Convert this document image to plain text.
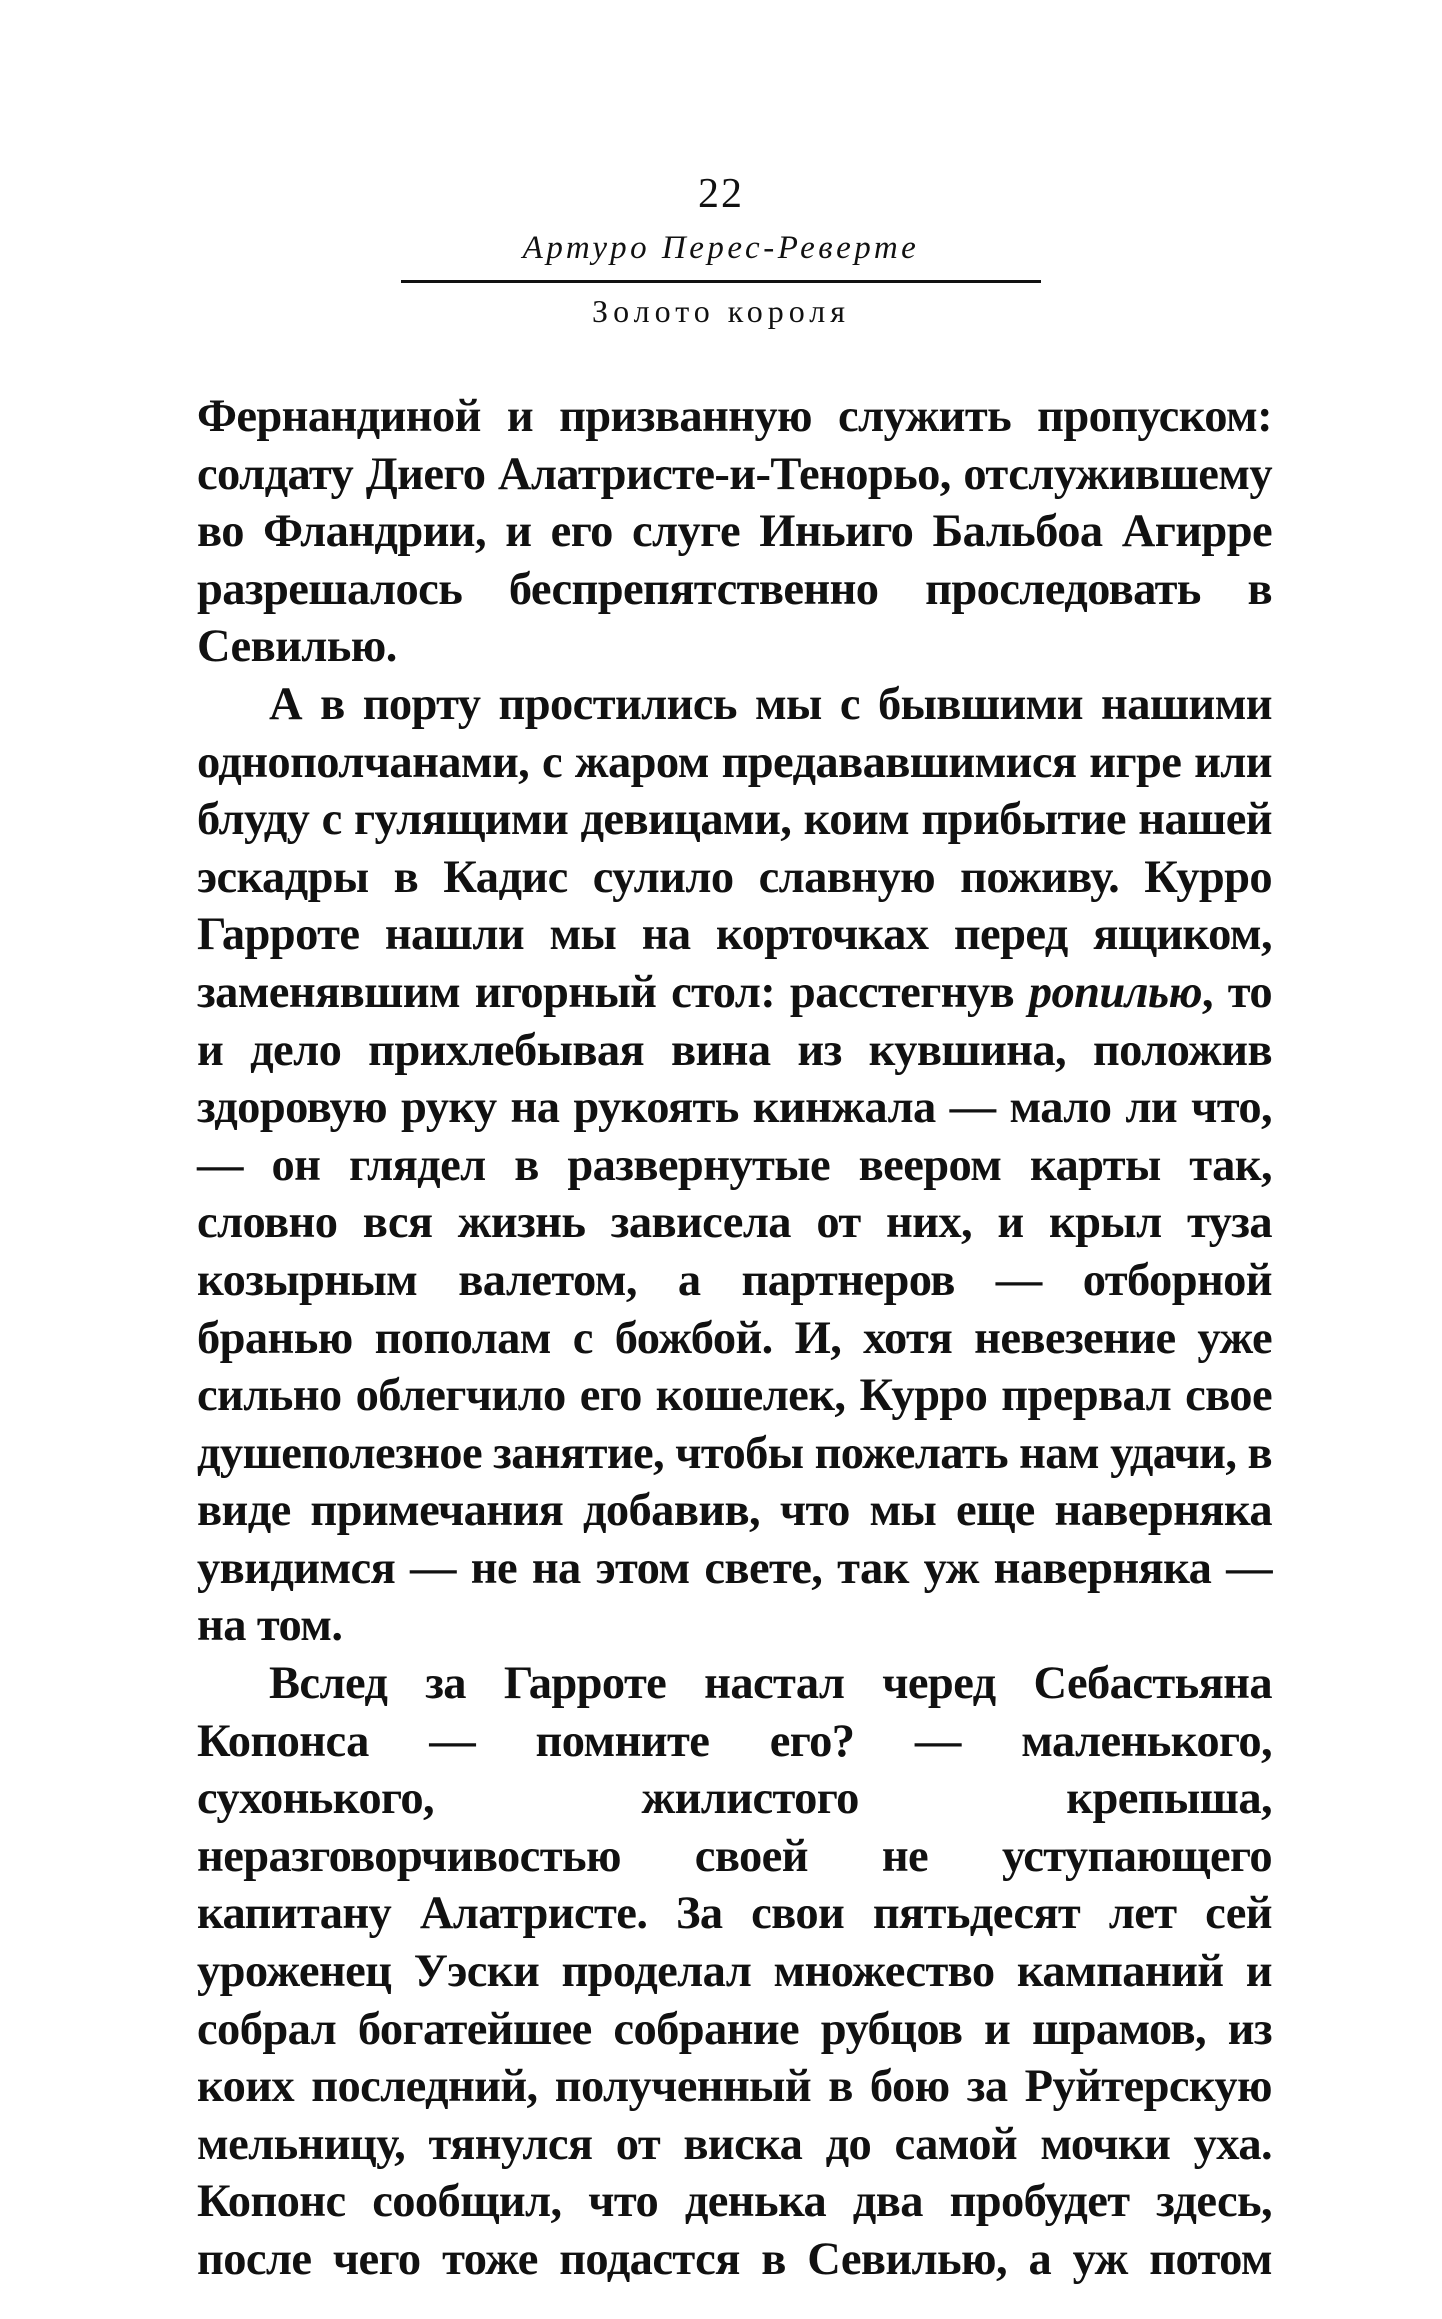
22
Артуро Перес-Реверте
Золото короля

Фернандиной и призванную служить пропуском: солдату Диего Алатристе-и-Тенорьо, отслужившему во Фландрии, и его слуге Иньиго Бальбоа Агирре разрешалось беспрепятственно проследовать в Севилью.

А в порту простились мы с бывшими нашими однополчанами, с жаром предававшимися игре или блуду с гулящими девицами, коим прибытие нашей эскадры в Кадис сулило славную поживу. Курро Гарроте нашли мы на корточках перед ящиком, заменявшим игорный стол: расстегнув ропилью, то и дело прихлебывая вина из кувшина, положив здоровую руку на рукоять кинжала — мало ли что, — он глядел в развернутые веером карты так, словно вся жизнь зависела от них, и крыл туза козырным валетом, а партнеров — отборной бранью пополам с божбой. И, хотя невезение уже сильно облегчило его кошелек, Курро прервал свое душеполезное занятие, чтобы пожелать нам удачи, в виде примечания добавив, что мы еще наверняка увидимся — не на этом свете, так уж наверняка — на том.

Вслед за Гарроте настал черед Себастьяна Копонса — помните его? — маленького, сухонького, жилистого крепыша, неразговорчивостью своей не уступающего капитану Алатристе. За свои пятьдесят лет сей уроженец Уэски проделал множество кампаний и собрал богатейшее собрание рубцов и шрамов, из коих последний, полученный в бою за Руйтерскую мельницу, тянулся от виска до самой мочки уха. Копонс сообщил, что денька два пробудет здесь, после чего тоже подастся в Севилью, а уж потом
